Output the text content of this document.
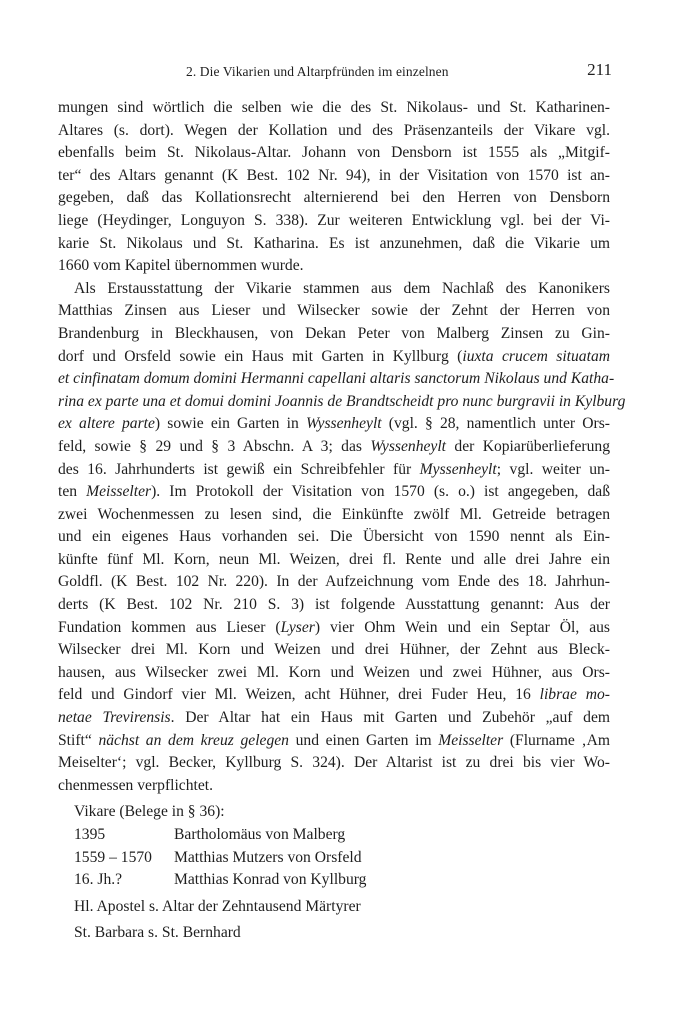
2. Die Vikarien und Altarpfründen im einzelnen	211
mungen sind wörtlich die selben wie die des St. Nikolaus- und St. Katharinen-
Altares (s. dort). Wegen der Kollation und des Präsenzanteils der Vikare vgl.
ebenfalls beim St. Nikolaus-Altar. Johann von Densborn ist 1555 als „Mitgif-
ter“ des Altars genannt (K Best. 102 Nr. 94), in der Visitation von 1570 ist an-
gegeben, daß das Kollationsrecht alternierend bei den Herren von Densborn
liege (Heydinger, Longuyon S. 338). Zur weiteren Entwicklung vgl. bei der Vi-
karie St. Nikolaus und St. Katharina. Es ist anzunehmen, daß die Vikarie um
1660 vom Kapitel übernommen wurde.
Als Erstausstattung der Vikarie stammen aus dem Nachlaß des Kanonikers
Matthias Zinsen aus Lieser und Wilsecker sowie der Zehnt der Herren von
Brandenburg in Bleckhausen, von Dekan Peter von Malberg Zinsen zu Gin-
dorf und Orsfeld sowie ein Haus mit Garten in Kyllburg (iuxta crucem situatam
et cinfinatam domum domini Hermanni capellani altaris sanctorum Nikolaus und Katha-
rina ex parte una et domui domini Joannis de Brandtscheidt pro nunc burgravii in Kylburg
ex altere parte) sowie ein Garten in Wyssenheylt (vgl. § 28, namentlich unter Ors-
feld, sowie § 29 und § 3 Abschn. A 3; das Wyssenheylt der Kopiarüberlieferung
des 16. Jahrhunderts ist gewiß ein Schreibfehler für Myssenheylt; vgl. weiter un-
ten Meisselter). Im Protokoll der Visitation von 1570 (s. o.) ist angegeben, daß
zwei Wochenmessen zu lesen sind, die Einkünfte zwölf Ml. Getreide betragen
und ein eigenes Haus vorhanden sei. Die Übersicht von 1590 nennt als Ein-
künfte fünf Ml. Korn, neun Ml. Weizen, drei fl. Rente und alle drei Jahre ein
Goldfl. (K Best. 102 Nr. 220). In der Aufzeichnung vom Ende des 18. Jahrhun-
derts (K Best. 102 Nr. 210 S. 3) ist folgende Ausstattung genannt: Aus der
Fundation kommen aus Lieser (Lyser) vier Ohm Wein und ein Septar Öl, aus
Wilsecker drei Ml. Korn und Weizen und drei Hühner, der Zehnt aus Bleck-
hausen, aus Wilsecker zwei Ml. Korn und Weizen und zwei Hühner, aus Ors-
feld und Gindorf vier Ml. Weizen, acht Hühner, drei Fuder Heu, 16 librae mo-
netae Trevirensis. Der Altar hat ein Haus mit Garten und Zubehör „auf dem
Stift“ nächst an dem kreuz gelegen und einen Garten im Meisselter (Flurname ‚Am
Meiselter‘; vgl. Becker, Kyllburg S. 324). Der Altarist ist zu drei bis vier Wo-
chenmessen verpflichtet.
Vikare (Belege in § 36):
1395	Bartholomäus von Malberg
1559 – 1570 Matthias Mutzers von Orsfeld
16. Jh.?	Matthias Konrad von Kyllburg
Hl. Apostel s. Altar der Zehntausend Märtyrer
St. Barbara s. St. Bernhard
